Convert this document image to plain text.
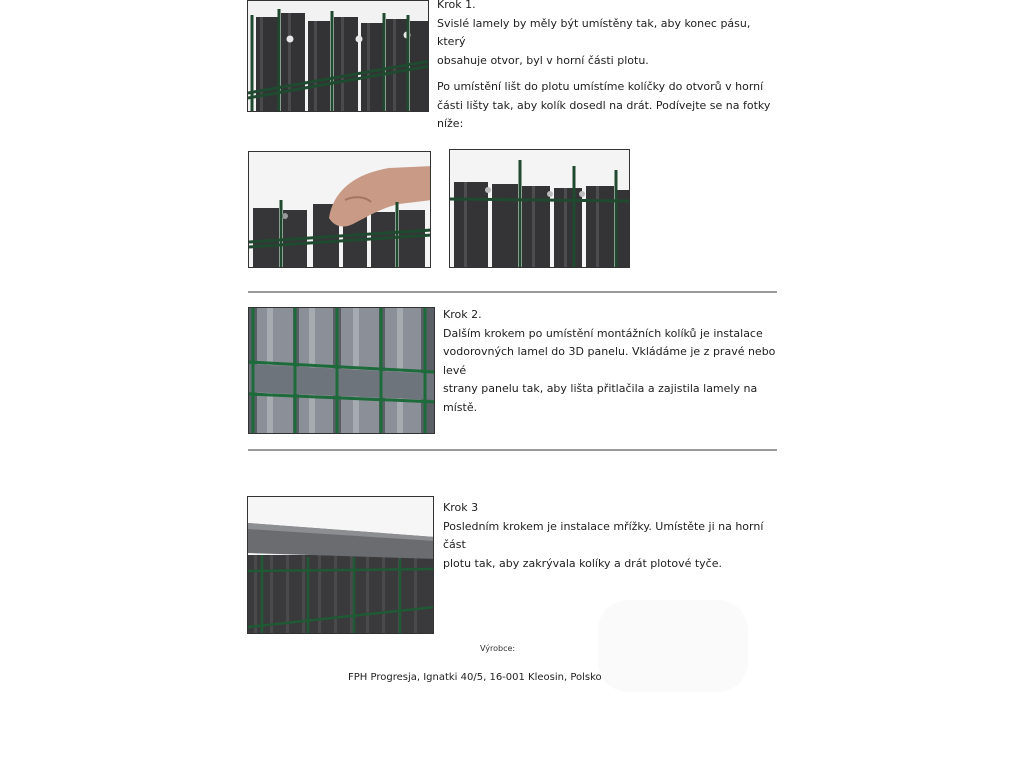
Krok 1.

Svislé lamely by měly být umístěny tak, aby konec pásu, který

obsahuje otvor, byl v horní části plotu.

Po umístění lišt do plotu umístíme kolíčky do otvorů v horní

části lišty tak, aby kolík dosedl na drát. Podívejte se na fotky níže:

Krok 2.

Dalším krokem po umístění montážních kolíků je instalace

vodorovných lamel do 3D panelu. Vkládáme je z pravé nebo levé

strany panelu tak, aby lišta přitlačila a zajistila lamely na místě.

Krok 3

Posledním krokem je instalace mřížky. Umístěte ji na horní část

plotu tak, aby zakrývala kolíky a drát plotové tyče.

Výrobce:
FPH Progresja, Ignatki 40/5, 16-001 Kleosin, Polsko
